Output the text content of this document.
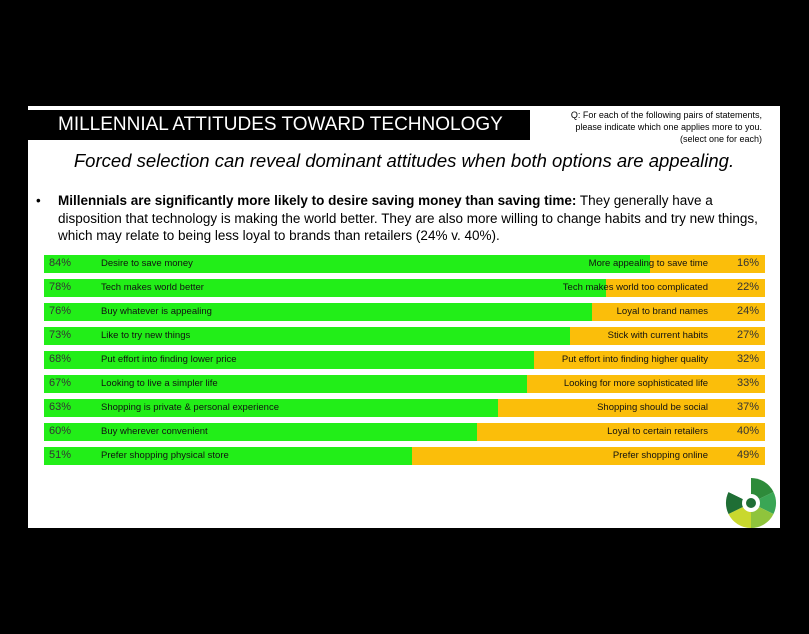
MILLENNIAL ATTITUDES TOWARD TECHNOLOGY	Q: For each of the following pairs of statements,
please indicate which one applies more to you.
(select one for each)
Forced selection can reveal dominant attitudes when both options are appealing.
• Millennials are significantly more likely to desire saving money than saving time: They generally have a disposition that technology is making the world better. They are also more willing to change habits and try new things, which may relate to being less loyal to brands than retailers (24% v. 40%).
84%	Desire to save money	More appealing to save time	16%
78%	Tech makes world better	Tech makes world too complicated	22%
76%	Buy whatever is appealing	Loyal to brand names	24%
73%	Like to try new things	Stick with current habits	27%
68%	Put effort into finding lower price	Put effort into finding higher quality	32%
67%	Looking to live a simpler life	Looking for more sophisticated life	33%
63%	Shopping is private & personal experience	Shopping should be social	37%
60%	Buy wherever convenient	Loyal to certain retailers	40%
51%	Prefer shopping physical store	Prefer shopping online	49%
